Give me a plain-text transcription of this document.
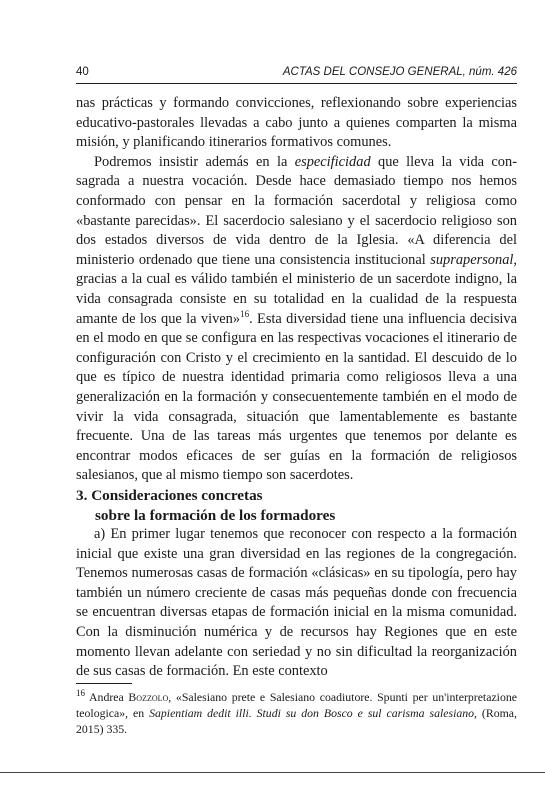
40	ACTAS DEL CONSEJO GENERAL, núm. 426

nas prácticas y formando convicciones, reflexionando sobre experiencias educativo-pastorales llevadas a cabo junto a quienes comparten la misma misión, y planificando itinerarios formativos comunes.

Podremos insistir además en la especificidad que lleva la vida consagrada a nuestra vocación. Desde hace demasiado tiempo nos hemos conformado con pensar en la formación sacerdotal y religiosa como «bastante parecidas». El sacerdocio salesiano y el sacerdocio religioso son dos estados diversos de vida dentro de la Iglesia. «A diferencia del ministerio ordenado que tiene una consistencia institucional suprapersonal, gracias a la cual es válido también el ministerio de un sacerdote indigno, la vida consagrada consiste en su totalidad en la cualidad de la respuesta amante de los que la viven»$^{16}$. Esta diversidad tiene una influencia decisiva en el modo en que se configura en las respectivas vocaciones el itinerario de configuración con Cristo y el crecimiento en la santidad. El descuido de lo que es típico de nuestra identidad primaria como religiosos lleva a una generalización en la formación y consecuentemente también en el modo de vivir la vida consagrada, situación que lamentablemente es bastante frecuente. Una de las tareas más urgentes que tenemos por delante es encontrar modos eficaces de ser guías en la formación de religiosos salesianos, que al mismo tiempo son sacerdotes.

3. Consideraciones concretas
sobre la formación de los formadores

a) En primer lugar tenemos que reconocer con respecto a la formación inicial que existe una gran diversidad en las regiones de la congregación. Tenemos numerosas casas de formación «clásicas» en su tipología, pero hay también un número creciente de casas más pequeñas donde con frecuencia se encuentran diversas etapas de formación inicial en la misma comunidad. Con la disminución numérica y de recursos hay Regiones que en este momento llevan adelante con seriedad y no sin dificultad la reorganización de sus casas de formación. En este contexto

$^{16}$ Andrea Bozzolo, «Salesiano prete e Salesiano coadiutore. Spunti per un'interpretazione teologica», en Sapientiam dedit illi. Studi su don Bosco e sul carisma salesiano, (Roma, 2015) 335.
